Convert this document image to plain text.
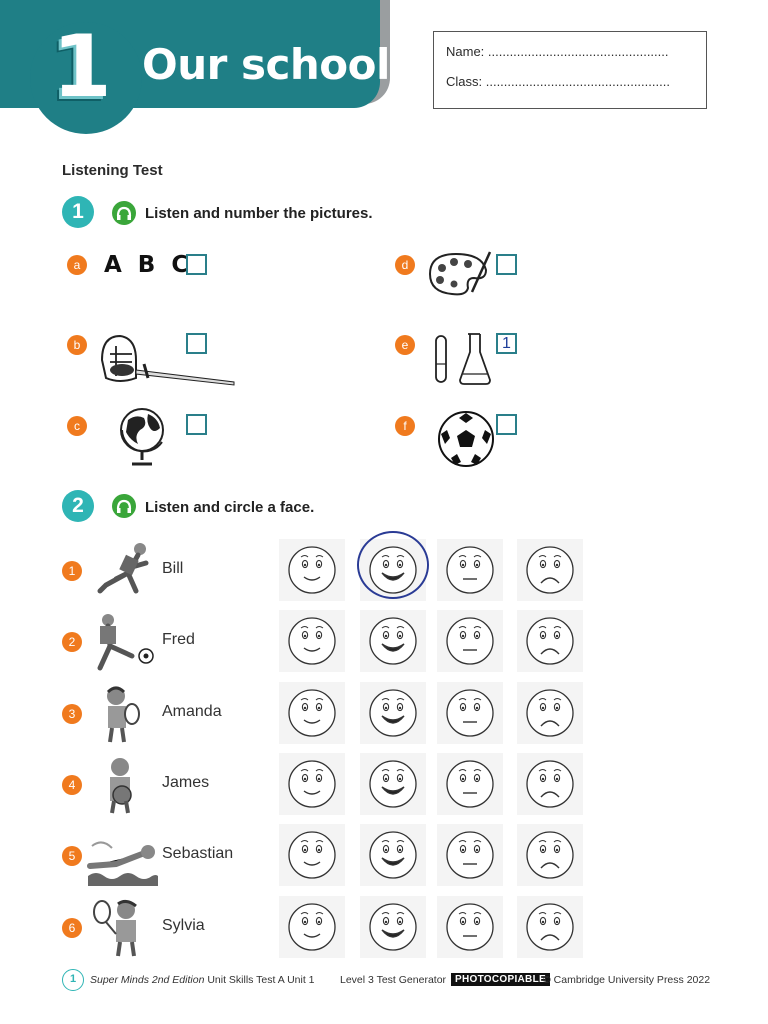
1 Our school	Name: ..................................................
Class: ...................................................
Listening Test
1	Listen and number the pictures.
a A B C
b
c
d
e	1
f
2	Listen and circle a face.
1	Bill
2	Fred
3	Amanda
4	James
5	Sebastian
6	Sylvia
1	Super Minds 2nd Edition Unit Skills Test A Unit 1 Level 3 Test Generator PHOTOCOPIABLE
© Cambridge University Press 2022
